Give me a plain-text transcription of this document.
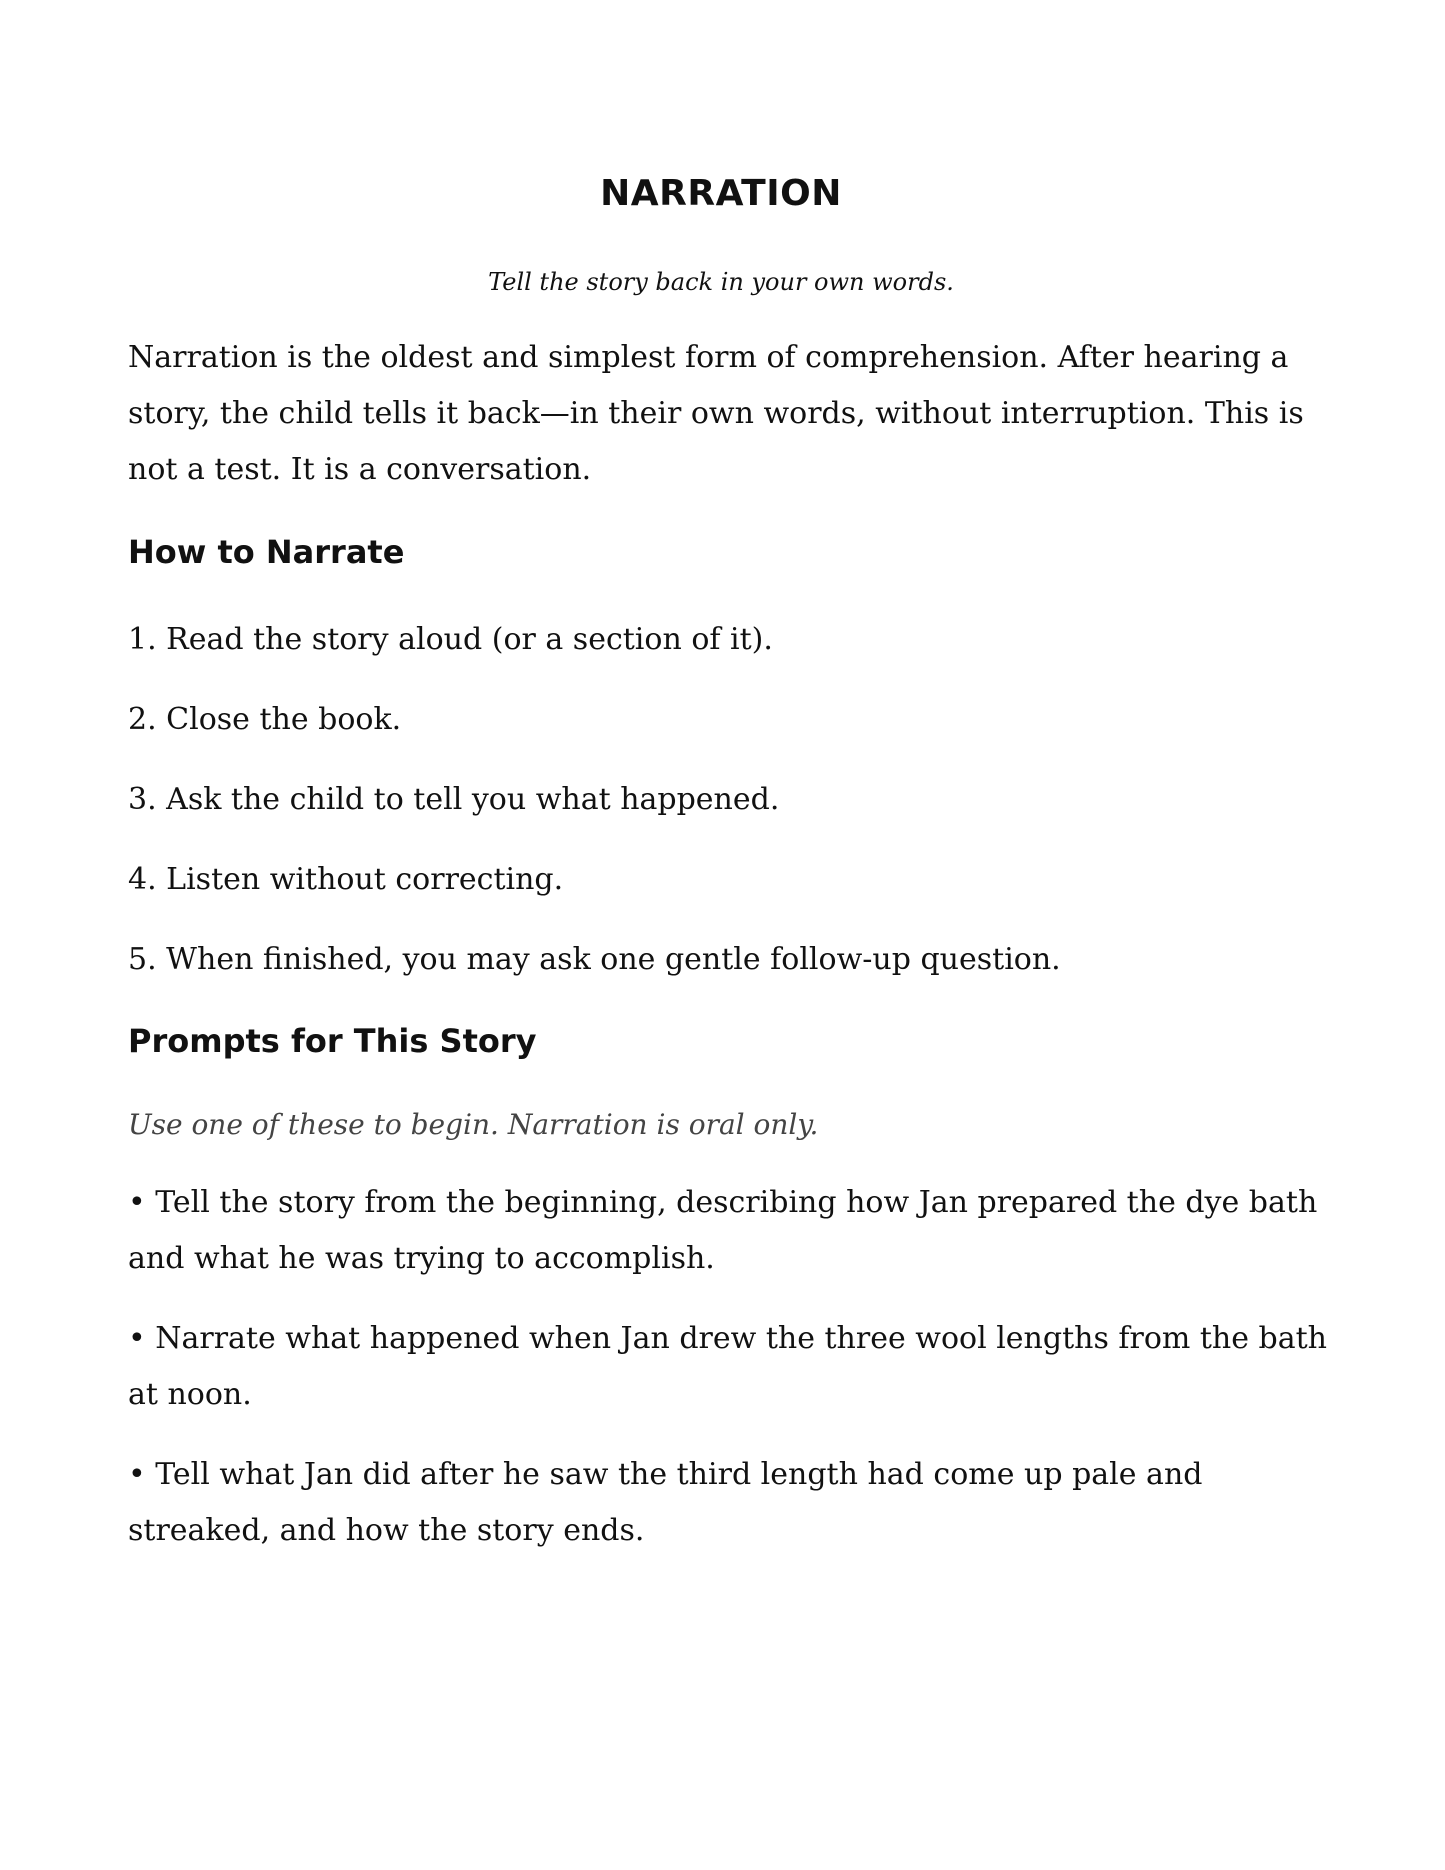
NARRATION
Tell the story back in your own words.

Narration is the oldest and simplest form of comprehension. After hearing a story, the child tells it back—in their own words, without interruption. This is not a test. It is a conversation.

How to Narrate
1. Read the story aloud (or a section of it).
2. Close the book.
3. Ask the child to tell you what happened.
4. Listen without correcting.
5. When finished, you may ask one gentle follow-up question.
Prompts for This Story

Use one of these to begin. Narration is oral only.

• Tell the story from the beginning, describing how Jan prepared the dye bath and what he was trying to accomplish.
• Narrate what happened when Jan drew the three wool lengths from the bath at noon.
• Tell what Jan did after he saw the third length had come up pale and streaked, and how the story ends.
